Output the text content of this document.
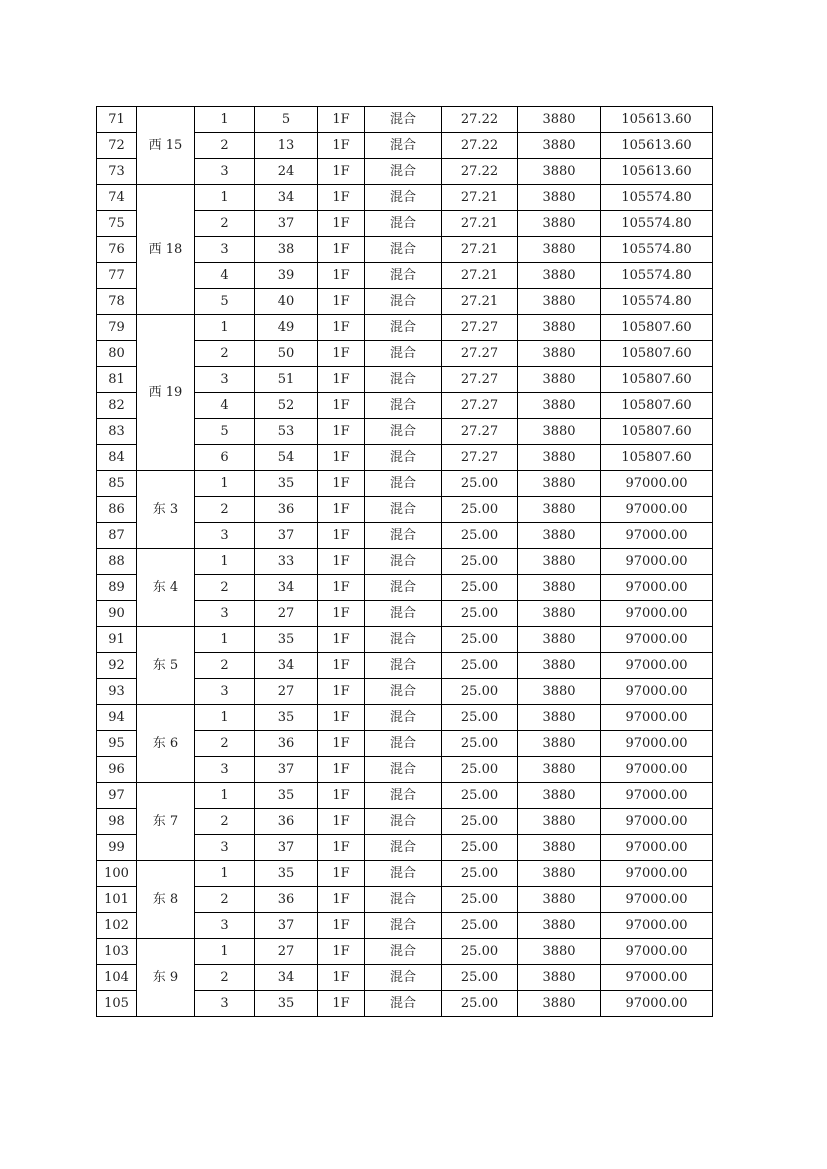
71	西 15	1	5	1F	混合	27.22	3880	105613.60
72		2	13	1F	混合	27.22	3880	105613.60
73		3	24	1F	混合	27.22	3880	105613.60
74	西 18	1	34	1F	混合	27.21	3880	105574.80
75		2	37	1F	混合	27.21	3880	105574.80
76		3	38	1F	混合	27.21	3880	105574.80
77		4	39	1F	混合	27.21	3880	105574.80
78		5	40	1F	混合	27.21	3880	105574.80
79	西 19	1	49	1F	混合	27.27	3880	105807.60
80		2	50	1F	混合	27.27	3880	105807.60
81		3	51	1F	混合	27.27	3880	105807.60
82		4	52	1F	混合	27.27	3880	105807.60
83		5	53	1F	混合	27.27	3880	105807.60
84		6	54	1F	混合	27.27	3880	105807.60
85	东 3	1	35	1F	混合	25.00	3880	97000.00
86		2	36	1F	混合	25.00	3880	97000.00
87		3	37	1F	混合	25.00	3880	97000.00
88	东 4	1	33	1F	混合	25.00	3880	97000.00
89		2	34	1F	混合	25.00	3880	97000.00
90		3	27	1F	混合	25.00	3880	97000.00
91	东 5	1	35	1F	混合	25.00	3880	97000.00
92		2	34	1F	混合	25.00	3880	97000.00
93		3	27	1F	混合	25.00	3880	97000.00
94	东 6	1	35	1F	混合	25.00	3880	97000.00
95		2	36	1F	混合	25.00	3880	97000.00
96		3	37	1F	混合	25.00	3880	97000.00
97	东 7	1	35	1F	混合	25.00	3880	97000.00
98		2	36	1F	混合	25.00	3880	97000.00
99		3	37	1F	混合	25.00	3880	97000.00
100	东 8	1	35	1F	混合	25.00	3880	97000.00
101		2	36	1F	混合	25.00	3880	97000.00
102		3	37	1F	混合	25.00	3880	97000.00
103	东 9	1	27	1F	混合	25.00	3880	97000.00
104		2	34	1F	混合	25.00	3880	97000.00
105		3	35	1F	混合	25.00	3880	97000.00
